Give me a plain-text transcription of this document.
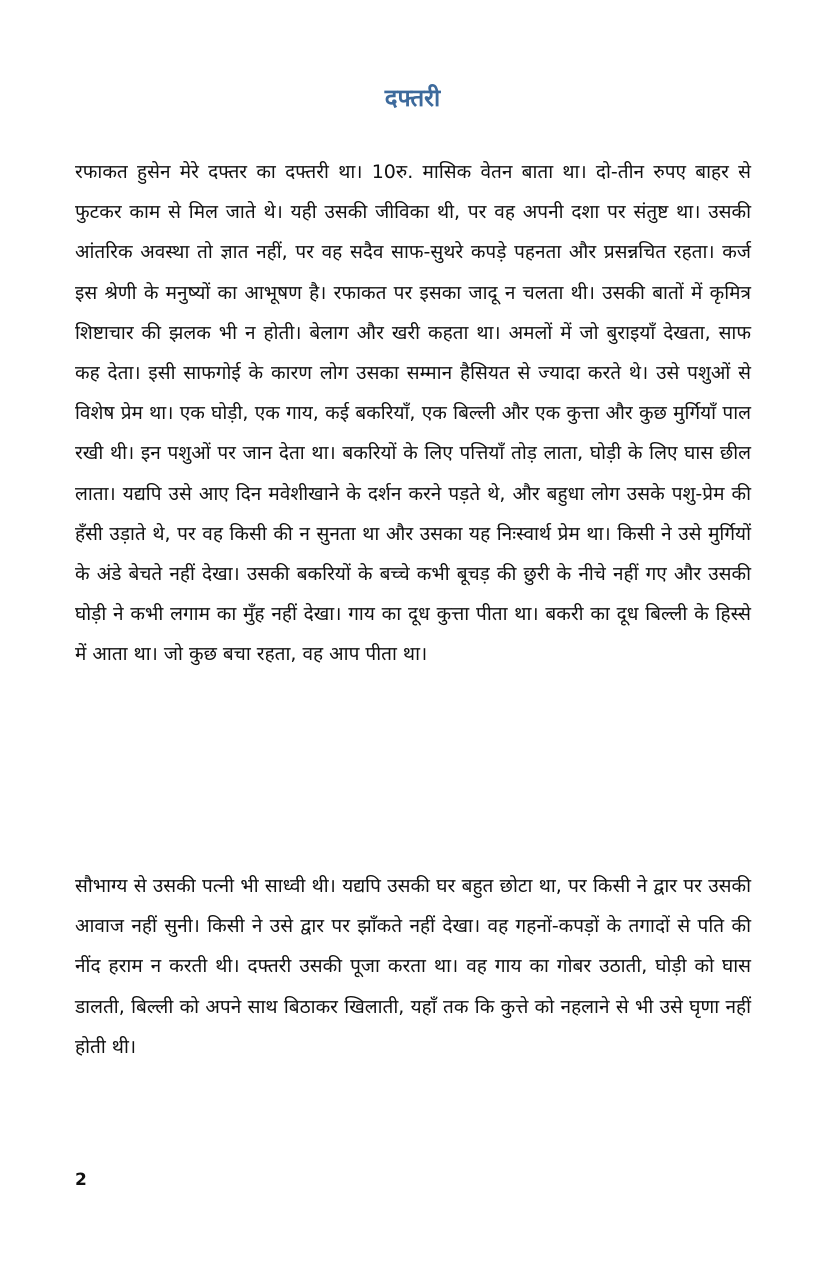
दफ्तरी

रफाकत हुसेन मेरे दफ्तर का दफ्तरी था। 10रु. मासिक वेतन बाता था। दो-तीन रुपए बाहर से फुटकर काम से मिल जाते थे। यही उसकी जीविका थी, पर वह अपनी दशा पर संतुष्ट था। उसकी आंतरिक अवस्था तो ज्ञात नहीं, पर वह सदैव साफ-सुथरे कपड़े पहनता और प्रसन्नचित रहता। कर्ज इस श्रेणी के मनुष्यों का आभूषण है। रफाकत पर इसका जादू न चलता थी। उसकी बातों में कृमित्र शिष्टाचार की झलक भी न होती। बेलाग और खरी कहता था। अमलों में जो बुराइयाँ देखता, साफ कह देता। इसी साफगोई के कारण लोग उसका सम्मान हैसियत से ज्यादा करते थे। उसे पशुओं से विशेष प्रेम था। एक घोड़ी, एक गाय, कई बकरियाँ, एक बिल्ली और एक कुत्ता और कुछ मुर्गियाँ पाल रखी थी। इन पशुओं पर जान देता था। बकरियों के लिए पत्तियाँ तोड़ लाता, घोड़ी के लिए घास छील लाता। यद्यपि उसे आए दिन मवेशीखाने के दर्शन करने पड़ते थे, और बहुधा लोग उसके पशु-प्रेम की हँसी उड़ाते थे, पर वह किसी की न सुनता था और उसका यह निःस्वार्थ प्रेम था। किसी ने उसे मुर्गियों के अंडे बेचते नहीं देखा। उसकी बकरियों के बच्चे कभी बूचड़ की छुरी के नीचे नहीं गए और उसकी घोड़ी ने कभी लगाम का मुँह नहीं देखा। गाय का दूध कुत्ता पीता था। बकरी का दूध बिल्ली के हिस्से में आता था। जो कुछ बचा रहता, वह आप पीता था।

सौभाग्य से उसकी पत्नी भी साध्वी थी। यद्यपि उसकी घर बहुत छोटा था, पर किसी ने द्वार पर उसकी आवाज नहीं सुनी। किसी ने उसे द्वार पर झाँकते नहीं देखा। वह गहनों-कपड़ों के तगादों से पति की नींद हराम न करती थी। दफ्तरी उसकी पूजा करता था। वह गाय का गोबर उठाती, घोड़ी को घास डालती, बिल्ली को अपने साथ बिठाकर खिलाती, यहाँ तक कि कुत्ते को नहलाने से भी उसे घृणा नहीं होती थी।

2
